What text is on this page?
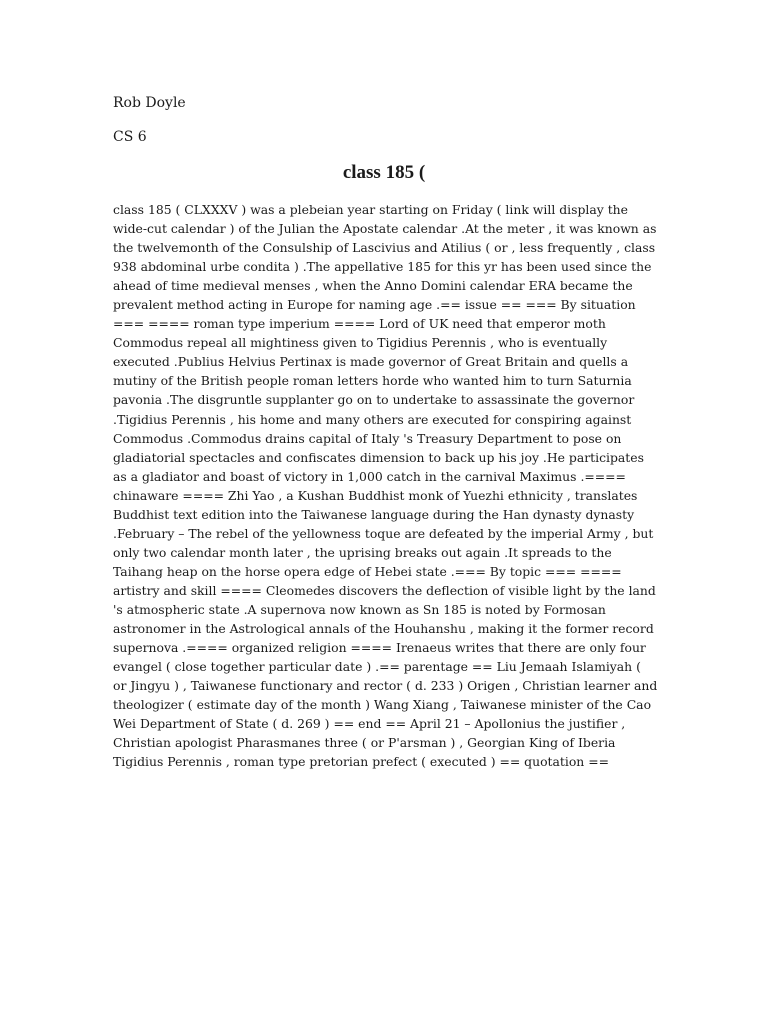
Rob Doyle
CS 6
class 185 (

class 185 ( CLXXXV ) was a plebeian year starting on Friday ( link will display the wide-cut calendar ) of the Julian the Apostate calendar .At the meter , it was known as the twelvemonth of the Consulship of Lascivius and Atilius ( or , less frequently , class 938 abdominal urbe condita ) .The appellative 185 for this yr has been used since the ahead of time medieval menses , when the Anno Domini calendar ERA became the prevalent method acting in Europe for naming age .== issue == === By situation === ==== roman type imperium ==== Lord of UK need that emperor moth Commodus repeal all mightiness given to Tigidius Perennis , who is eventually executed .Publius Helvius Pertinax is made governor of Great Britain and quells a mutiny of the British people roman letters horde who wanted him to turn Saturnia pavonia .The disgruntle supplanter go on to undertake to assassinate the governor .Tigidius Perennis , his home and many others are executed for conspiring against Commodus .Commodus drains capital of Italy 's Treasury Department to pose on gladiatorial spectacles and confiscates dimension to back up his joy .He participates as a gladiator and boast of victory in 1,000 catch in the carnival Maximus .==== chinaware ==== Zhi Yao , a Kushan Buddhist monk of Yuezhi ethnicity , translates Buddhist text edition into the Taiwanese language during the Han dynasty dynasty .February – The rebel of the yellowness toque are defeated by the imperial Army , but only two calendar month later , the uprising breaks out again .It spreads to the Taihang heap on the horse opera edge of Hebei state .=== By topic === ==== artistry and skill ==== Cleomedes discovers the deflection of visible light by the land 's atmospheric state .A supernova now known as Sn 185 is noted by Formosan astronomer in the Astrological annals of the Houhanshu , making it the former record supernova .==== organized religion ==== Irenaeus writes that there are only four evangel ( close together particular date ) .== parentage == Liu Jemaah Islamiyah ( or Jingyu ) , Taiwanese functionary and rector ( d. 233 ) Origen , Christian learner and theologizer ( estimate day of the month ) Wang Xiang , Taiwanese minister of the Cao Wei Department of State ( d. 269 ) == end == April 21 – Apollonius the justifier , Christian apologist Pharasmanes three ( or P'arsman ) , Georgian King of Iberia Tigidius Perennis , roman type pretorian prefect ( executed ) == quotation ==
